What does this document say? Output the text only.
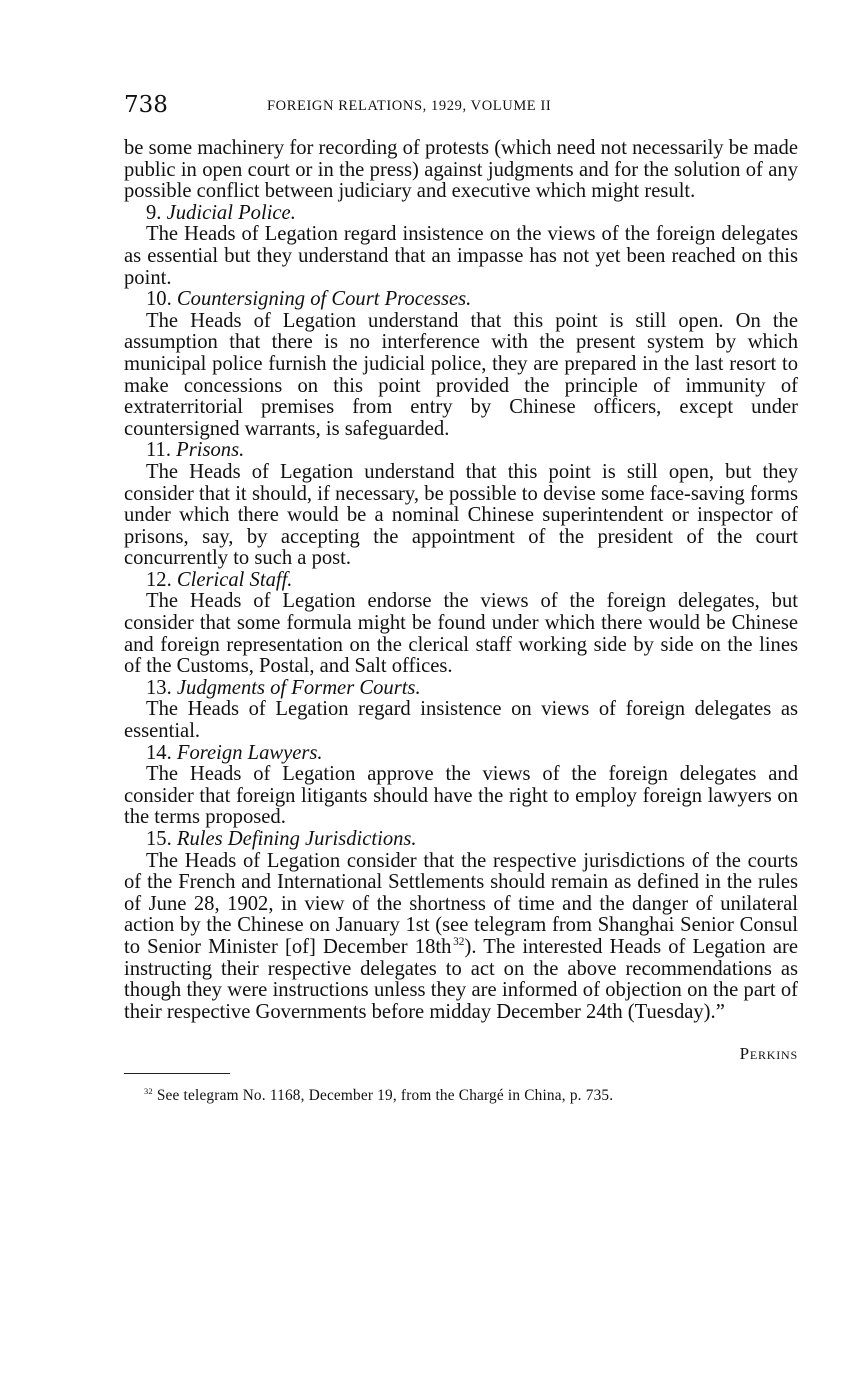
738	FOREIGN RELATIONS, 1929, VOLUME II

be some machinery for recording of protests (which need not necessarily be made public in open court or in the press) against judgments and for the solution of any possible conflict between judiciary and executive which might result.

9. Judicial Police.

The Heads of Legation regard insistence on the views of the foreign delegates as essential but they understand that an impasse has not yet been reached on this point.

10. Countersigning of Court Processes.

The Heads of Legation understand that this point is still open. On the assumption that there is no interference with the present system by which municipal police furnish the judicial police, they are prepared in the last resort to make concessions on this point provided the principle of immunity of extraterritorial premises from entry by Chinese officers, except under countersigned warrants, is safeguarded.

11. Prisons.

The Heads of Legation understand that this point is still open, but they consider that it should, if necessary, be possible to devise some face-saving forms under which there would be a nominal Chinese superintendent or inspector of prisons, say, by accepting the appointment of the president of the court concurrently to such a post.

12. Clerical Staff.

The Heads of Legation endorse the views of the foreign delegates, but consider that some formula might be found under which there would be Chinese and foreign representation on the clerical staff working side by side on the lines of the Customs, Postal, and Salt offices.

13. Judgments of Former Courts.

The Heads of Legation regard insistence on views of foreign delegates as essential.

14. Foreign Lawyers.

The Heads of Legation approve the views of the foreign delegates and consider that foreign litigants should have the right to employ foreign lawyers on the terms proposed.

15. Rules Defining Jurisdictions.

The Heads of Legation consider that the respective jurisdictions of the courts of the French and International Settlements should remain as defined in the rules of June 28, 1902, in view of the shortness of time and the danger of unilateral action by the Chinese on January 1st (see telegram from Shanghai Senior Consul to Senior Minister [of] December 18th  $^{32}$). The interested Heads of Legation are instructing their respective delegates to act on the above recommendations as though they were instructions unless they are informed of objection on the part of their respective Governments before midday December 24th (Tuesday).”

Perkins
$^{32}$ See telegram No. 1168, December 19, from the Chargé in China, p. 735.
